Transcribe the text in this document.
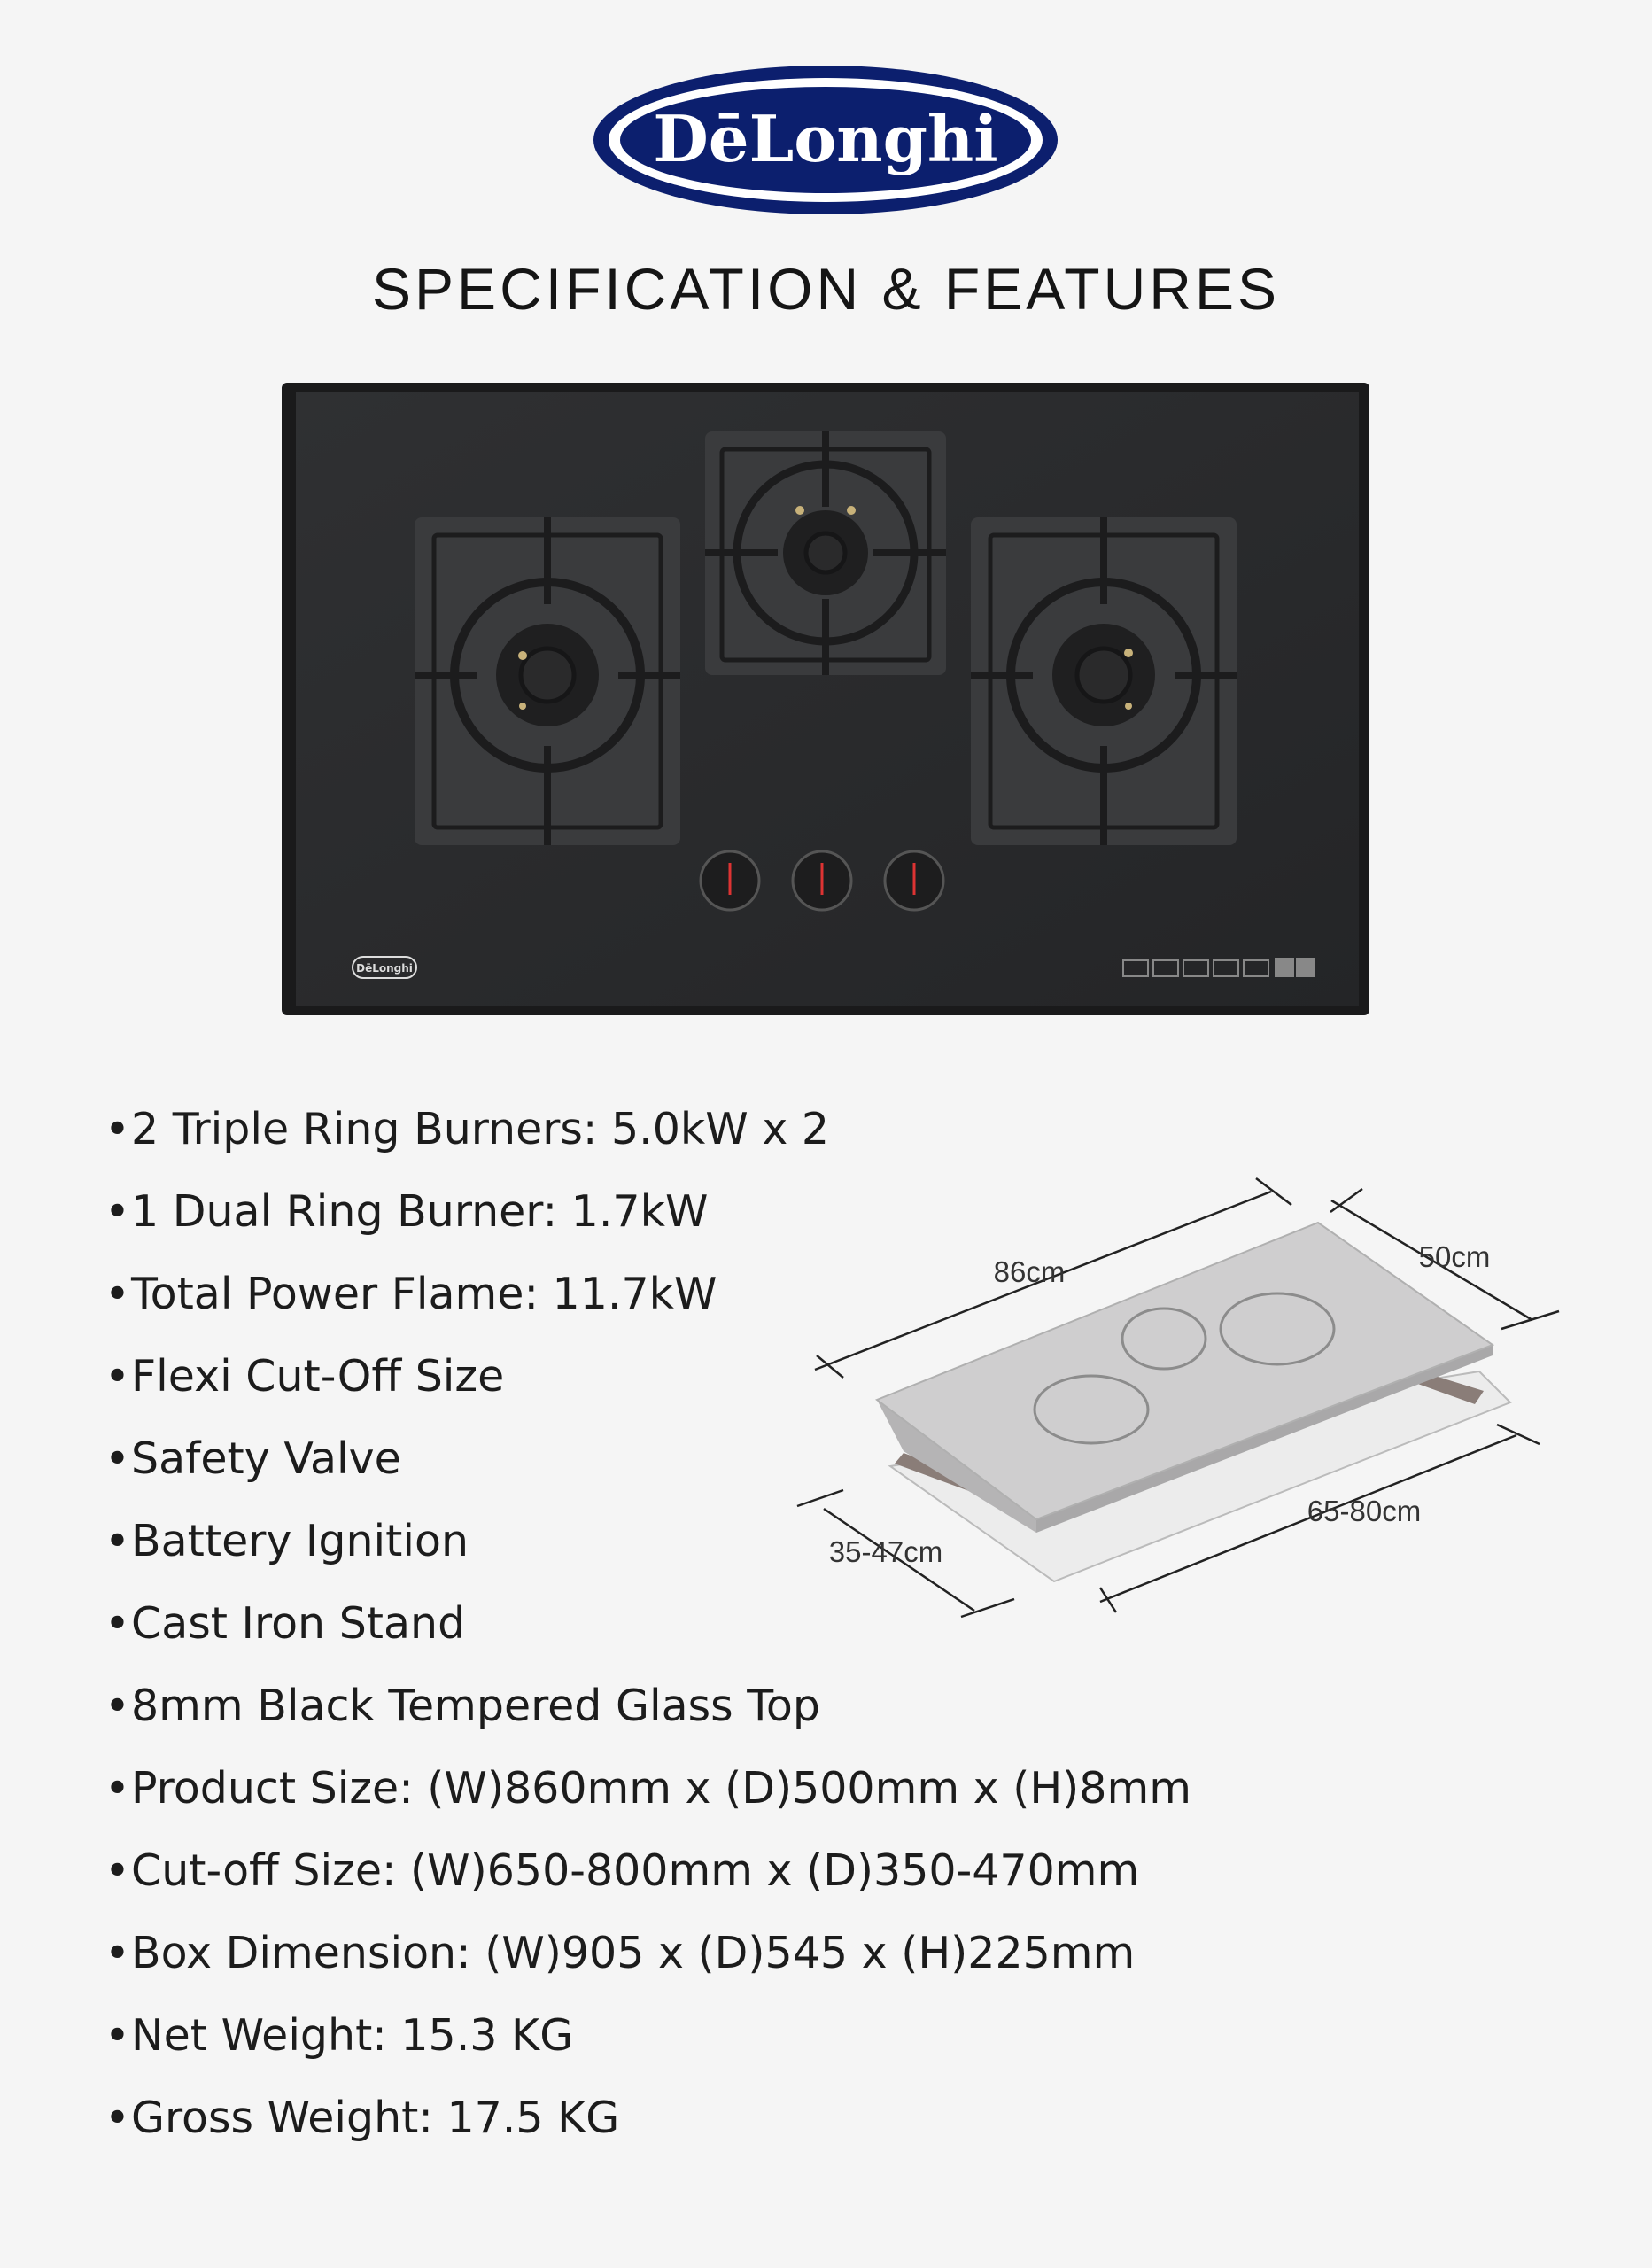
DēLonghi
SPECIFICATION & FEATURES
DēLonghi
•2 Triple Ring Burners: 5.0kW x 2
•1 Dual Ring Burner: 1.7kW
•Total Power Flame: 11.7kW
•Flexi Cut-Off Size
•Safety Valve
•Battery Ignition
•Cast Iron Stand
•8mm Black Tempered Glass Top
•Product Size: (W)860mm x (D)500mm x (H)8mm
•Cut-off Size: (W)650-800mm x (D)350-470mm
•Box Dimension: (W)905 x (D)545 x (H)225mm
•Net Weight: 15.3 KG
•Gross Weight: 17.5 KG
86cm	50cm
65-80cm
35-47cm
